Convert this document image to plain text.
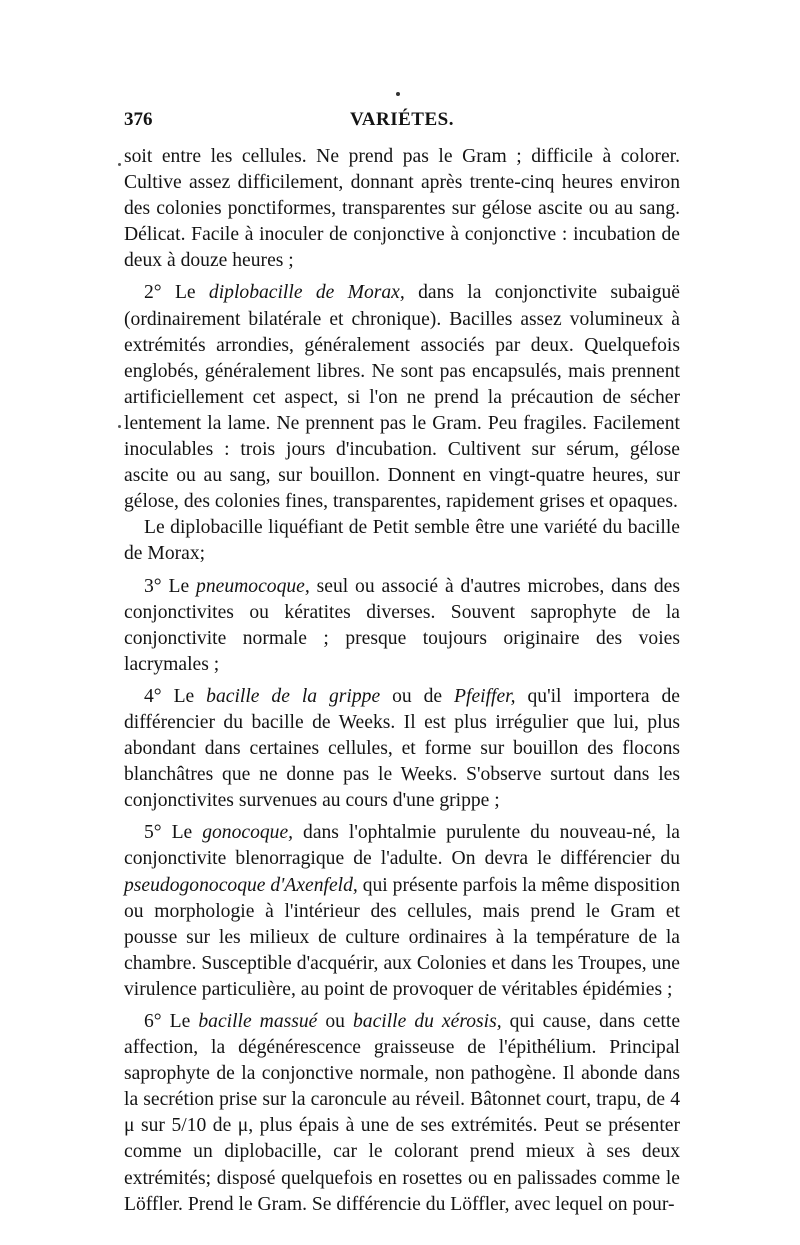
376	VARIÉTES.

soit entre les cellules. Ne prend pas le Gram ; difficile à colorer. Cultive assez difficilement, donnant après trente-cinq heures environ des colonies ponctiformes, transparentes sur gélose ascite ou au sang. Délicat. Facile à inoculer de conjonctive à conjonctive : incubation de deux à douze heures ;

2° Le diplobacille de Morax, dans la conjonctivite subaiguë (ordinairement bilatérale et chronique). Bacilles assez volumineux à extrémités arrondies, généralement associés par deux. Quelquefois englobés, généralement libres. Ne sont pas encapsulés, mais prennent artificiellement cet aspect, si l'on ne prend la précaution de sécher lentement la lame. Ne prennent pas le Gram. Peu fragiles. Facilement inoculables : trois jours d'incubation. Cultivent sur sérum, gélose ascite ou au sang, sur bouillon. Donnent en vingt-quatre heures, sur gélose, des colonies fines, transparentes, rapidement grises et opaques.

Le diplobacille liquéfiant de Petit semble être une variété du bacille de Morax;

3° Le pneumocoque, seul ou associé à d'autres microbes, dans des conjonctivites ou kératites diverses. Souvent saprophyte de la conjonctivite normale ; presque toujours originaire des voies lacrymales ;

4° Le bacille de la grippe ou de Pfeiffer, qu'il importera de différencier du bacille de Weeks. Il est plus irrégulier que lui, plus abondant dans certaines cellules, et forme sur bouillon des flocons blanchâtres que ne donne pas le Weeks. S'observe surtout dans les conjonctivites survenues au cours d'une grippe ;

5° Le gonocoque, dans l'ophtalmie purulente du nouveau-né, la conjonctivite blenorragique de l'adulte. On devra le différencier du pseudogonocoque d'Axenfeld, qui présente parfois la même disposition ou morphologie à l'intérieur des cellules, mais prend le Gram et pousse sur les milieux de culture ordinaires à la température de la chambre. Susceptible d'acquérir, aux Colonies et dans les Troupes, une virulence particulière, au point de provoquer de véritables épidémies ;

6° Le bacille massué ou bacille du xérosis, qui cause, dans cette affection, la dégénérescence graisseuse de l'épithélium. Principal saprophyte de la conjonctive normale, non pathogène. Il abonde dans la secrétion prise sur la caroncule au réveil. Bâtonnet court, trapu, de 4 μ sur 5/10 de μ, plus épais à une de ses extrémités. Peut se présenter comme un diplobacille, car le colorant prend mieux à ses deux extrémités; disposé quelquefois en rosettes ou en palissades comme le Löffler. Prend le Gram. Se différencie du Löffler, avec lequel on pour-
